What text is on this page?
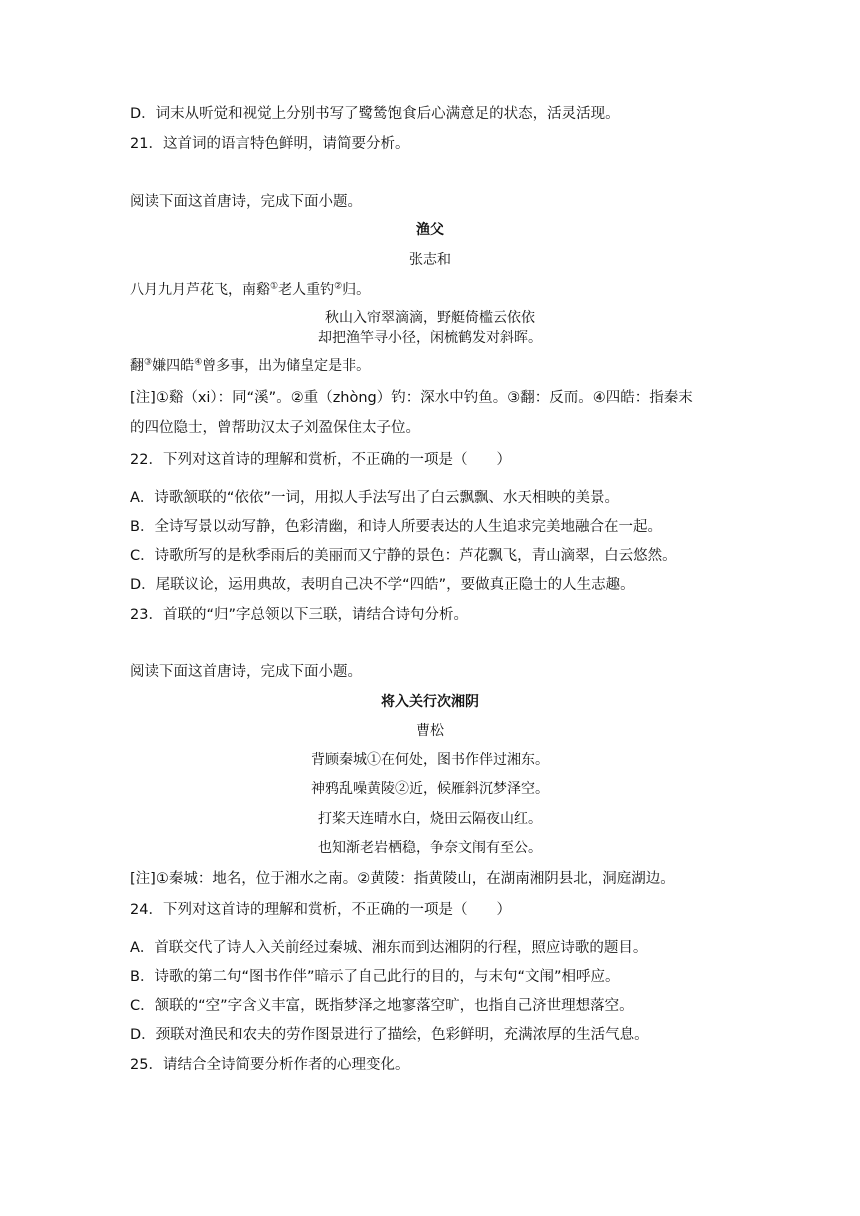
D．词末从听觉和视觉上分别书写了鹭鸶饱食后心满意足的状态，活灵活现。
21．这首词的语言特色鲜明，请简要分析。
阅读下面这首唐诗，完成下面小题。
渔父
张志和
八月九月芦花飞，南谿①老人重钓②归。
秋山入帘翠滴滴，野艇倚槛云依依
却把渔竿寻小径，闲梳鹤发对斜晖。
翻③嫌四皓④曾多事，出为储皇定是非。
[注]①谿（xi）：同“溪”。②重（zhòng）钓：深水中钓鱼。③翻：反而。④四皓：指秦末
的四位隐士，曾帮助汉太子刘盈保住太子位。
22．下列对这首诗的理解和赏析，不正确的一项是（　　）
A．诗歌颔联的“依依”一词，用拟人手法写出了白云飘飘、水天相映的美景。
B．全诗写景以动写静，色彩清幽，和诗人所要表达的人生追求完美地融合在一起。
C．诗歌所写的是秋季雨后的美丽而又宁静的景色：芦花飘飞，青山滴翠，白云悠然。
D．尾联议论，运用典故，表明自己决不学“四皓”，要做真正隐士的人生志趣。
23．首联的“归”字总领以下三联，请结合诗句分析。
阅读下面这首唐诗，完成下面小题。
将入关行次湘阴
曹松
背顾秦城①在何处，图书作伴过湘东。
神鸦乱噪黄陵②近，候雁斜沉梦泽空。
打桨天连晴水白，烧田云隔夜山红。
也知渐老岩栖稳，争奈文闱有至公。
[注]①秦城：地名，位于湘水之南。②黄陵：指黄陵山，在湖南湘阴县北，洞庭湖边。
24．下列对这首诗的理解和赏析，不正确的一项是（　　）
A．首联交代了诗人入关前经过秦城、湘东而到达湘阴的行程，照应诗歌的题目。
B．诗歌的第二句“图书作伴”暗示了自己此行的目的，与末句“文闱”相呼应。
C．颔联的“空”字含义丰富，既指梦泽之地寥落空旷，也指自己济世理想落空。
D．颈联对渔民和农夫的劳作图景进行了描绘，色彩鲜明，充满浓厚的生活气息。
25．请结合全诗简要分析作者的心理变化。
